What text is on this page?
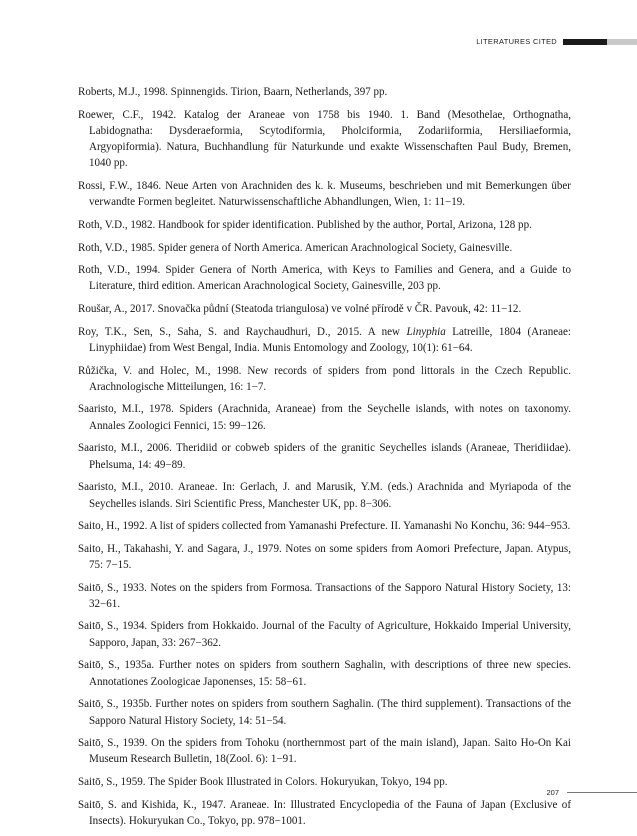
LITERATURES CITED
Roberts, M.J., 1998. Spinnengids. Tirion, Baarn, Netherlands, 397 pp.
Roewer, C.F., 1942. Katalog der Araneae von 1758 bis 1940. 1. Band (Mesothelae, Orthognatha, Labidognatha: Dysderaeformia, Scytodiformia, Pholciformia, Zodariiformia, Hersiliaeformia, Argyopiformia). Natura, Buchhandlung für Naturkunde und exakte Wissenschaften Paul Budy, Bremen, 1040 pp.
Rossi, F.W., 1846. Neue Arten von Arachniden des k. k. Museums, beschrieben und mit Bemerkungen über verwandte Formen begleitet. Naturwissenschaftliche Abhandlungen, Wien, 1: 11−19.
Roth, V.D., 1982. Handbook for spider identification. Published by the author, Portal, Arizona, 128 pp.
Roth, V.D., 1985. Spider genera of North America. American Arachnological Society, Gainesville.
Roth, V.D., 1994. Spider Genera of North America, with Keys to Families and Genera, and a Guide to Literature, third edition. American Arachnological Society, Gainesville, 203 pp.
Roušar, A., 2017. Snovačka půdní (Steatoda triangulosa) ve volné přírodě v ČR. Pavouk, 42: 11−12.
Roy, T.K., Sen, S., Saha, S. and Raychaudhuri, D., 2015. A new Linyphia Latreille, 1804 (Araneae: Linyphiidae) from West Bengal, India. Munis Entomology and Zoology, 10(1): 61−64.
Růžička, V. and Holec, M., 1998. New records of spiders from pond littorals in the Czech Republic. Arachnologische Mitteilungen, 16: 1−7.
Saaristo, M.I., 1978. Spiders (Arachnida, Araneae) from the Seychelle islands, with notes on taxonomy. Annales Zoologici Fennici, 15: 99−126.
Saaristo, M.I., 2006. Theridiid or cobweb spiders of the granitic Seychelles islands (Araneae, Theridiidae). Phelsuma, 14: 49−89.
Saaristo, M.I., 2010. Araneae. In: Gerlach, J. and Marusik, Y.M. (eds.) Arachnida and Myriapoda of the Seychelles islands. Siri Scientific Press, Manchester UK, pp. 8−306.
Saito, H., 1992. A list of spiders collected from Yamanashi Prefecture. II. Yamanashi No Konchu, 36: 944−953.
Saito, H., Takahashi, Y. and Sagara, J., 1979. Notes on some spiders from Aomori Prefecture, Japan. Atypus, 75: 7−15.
Saitō, S., 1933. Notes on the spiders from Formosa. Transactions of the Sapporo Natural History Society, 13: 32−61.
Saitō, S., 1934. Spiders from Hokkaido. Journal of the Faculty of Agriculture, Hokkaido Imperial University, Sapporo, Japan, 33: 267−362.
Saitō, S., 1935a. Further notes on spiders from southern Saghalin, with descriptions of three new species. Annotationes Zoologicae Japonenses, 15: 58−61.
Saitō, S., 1935b. Further notes on spiders from southern Saghalin. (The third supplement). Transactions of the Sapporo Natural History Society, 14: 51−54.
Saitō, S., 1939. On the spiders from Tohoku (northernmost part of the main island), Japan. Saito Ho-On Kai Museum Research Bulletin, 18(Zool. 6): 1−91.
Saitō, S., 1959. The Spider Book Illustrated in Colors. Hokuryukan, Tokyo, 194 pp.
Saitō, S. and Kishida, K., 1947. Araneae. In: Illustrated Encyclopedia of the Fauna of Japan (Exclusive of Insects). Hokuryukan Co., Tokyo, pp. 978−1001.
207
